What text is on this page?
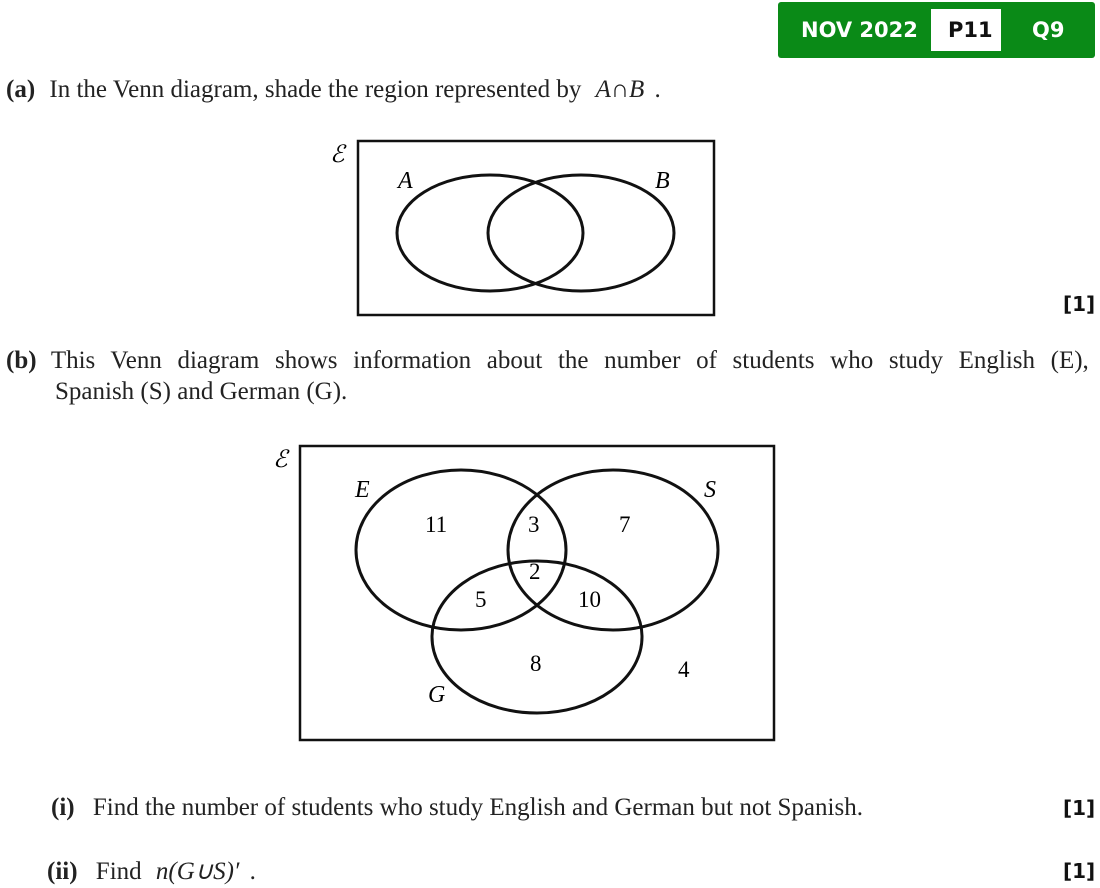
NOV 2022 P11 Q9
(a) In the Venn diagram, shade the region represented by A∩B .
ℰ
A	B
ℰ
E	S
G
11	3	7
2
5	10
8	4
[1]
(b) This Venn diagram shows information about the number of students who study English (E),
Spanish (S) and German (G).
(i) Find the number of students who study English and German but not Spanish.	[1]
(ii) Find n(G∪S)′ .	[1]
